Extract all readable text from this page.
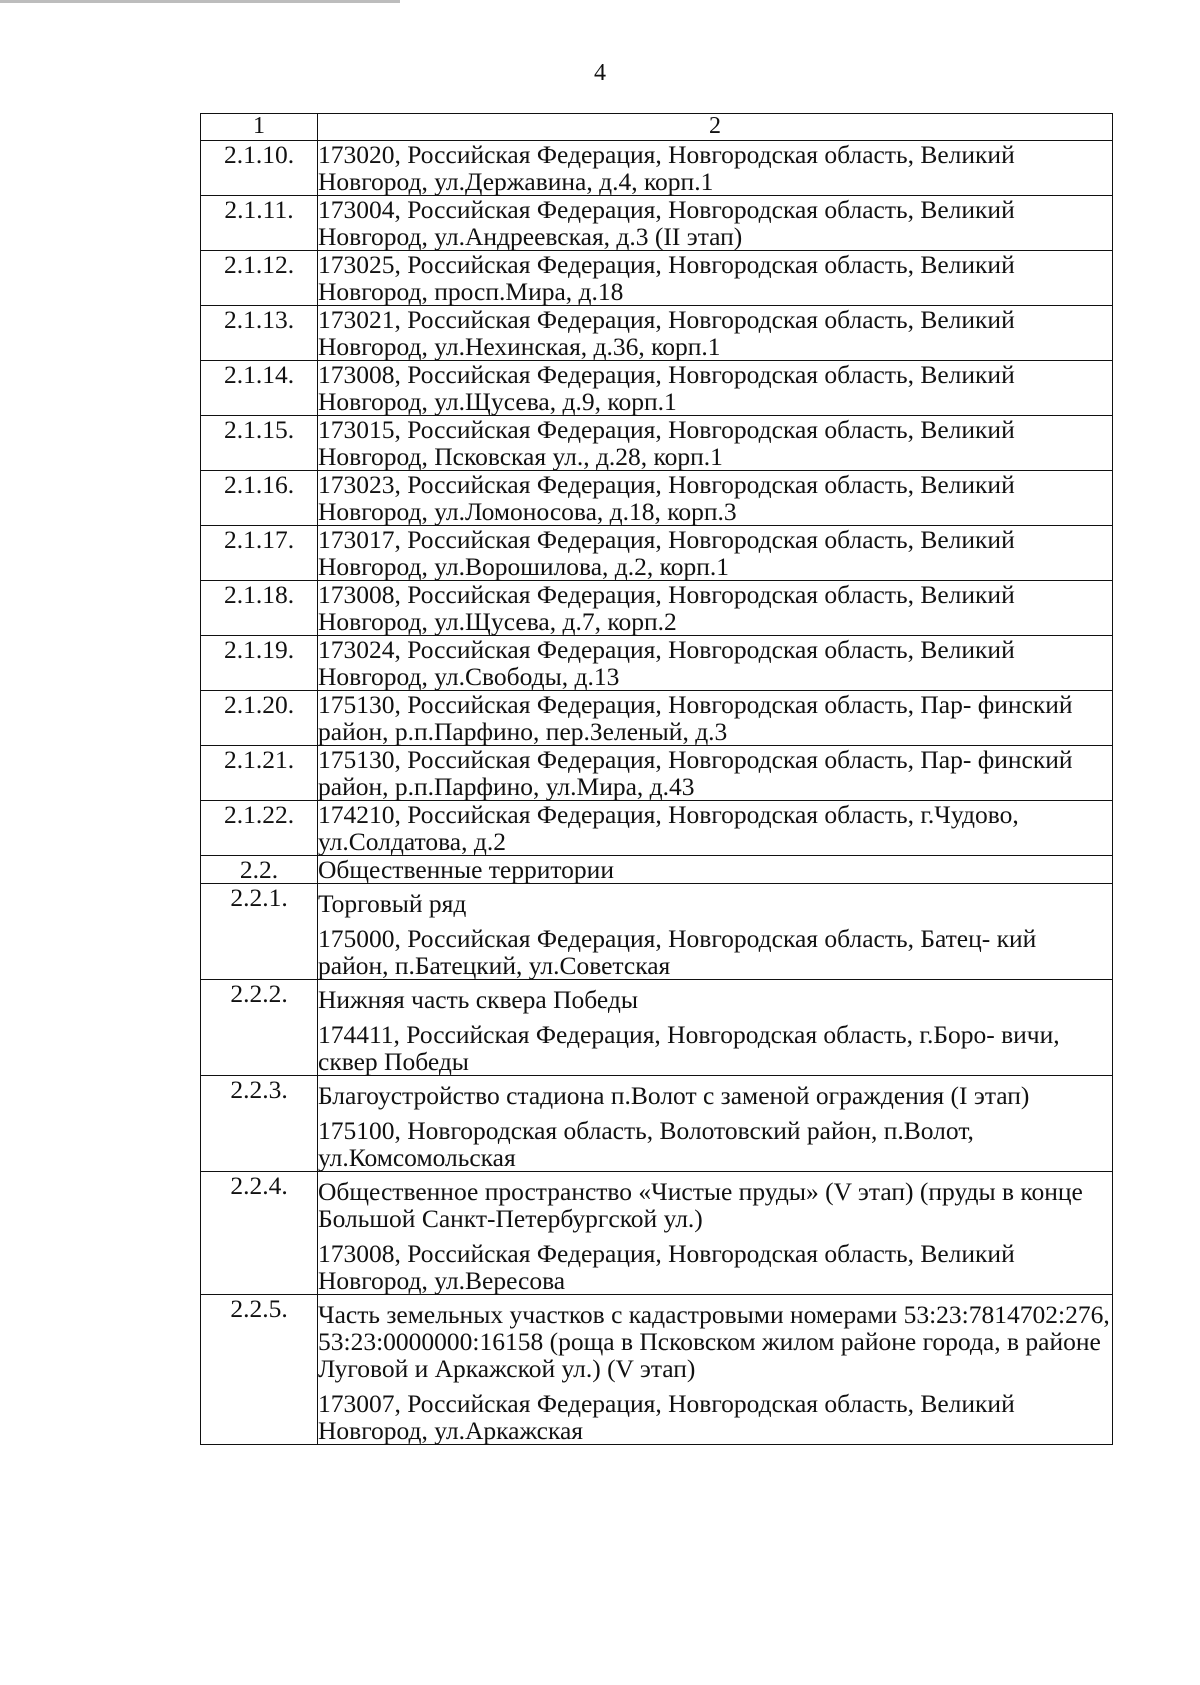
4
1	2
2.1.10.	173020, Российская Федерация, Новгородская область, Великий Новгород, ул.Державина, д.4, корп.1

2.1.11.	173004, Российская Федерация, Новгородская область, Великий Новгород, ул.Андреевская, д.3 (II этап)

2.1.12.	173025, Российская Федерация, Новгородская область, Великий Новгород, просп.Мира, д.18

2.1.13.	173021, Российская Федерация, Новгородская область, Великий Новгород, ул.Нехинская, д.36, корп.1

2.1.14.	173008, Российская Федерация, Новгородская область, Великий Новгород, ул.Щусева, д.9, корп.1

2.1.15.	173015, Российская Федерация, Новгородская область, Великий Новгород, Псковская ул., д.28, корп.1

2.1.16.	173023, Российская Федерация, Новгородская область, Великий Новгород, ул.Ломоносова, д.18, корп.3

2.1.17.	173017, Российская Федерация, Новгородская область, Великий Новгород, ул.Ворошилова, д.2, корп.1

2.1.18.	173008, Российская Федерация, Новгородская область, Великий Новгород, ул.Щусева, д.7, корп.2

2.1.19.	173024, Российская Федерация, Новгородская область, Великий Новгород, ул.Свободы, д.13

2.1.20.	175130, Российская Федерация, Новгородская область, Пар- финский район, р.п.Парфино, пер.Зеленый, д.3

2.1.21.	175130, Российская Федерация, Новгородская область, Пар- финский район, р.п.Парфино, ул.Мира, д.43

2.1.22.	174210, Российская Федерация, Новгородская область, г.Чудово, ул.Солдатова, д.2

2.2.	Общественные территории

2.2.1.	Торговый ряд
175000, Российская Федерация, Новгородская область, Батец- кий район, п.Батецкий, ул.Советская

2.2.2.	Нижняя часть сквера Победы
174411, Российская Федерация, Новгородская область, г.Боро- вичи, сквер Победы

2.2.3.	Благоустройство стадиона п.Волот с заменой ограждения (I этап)
175100, Новгородская область, Волотовский район, п.Волот, ул.Комсомольская

2.2.4.	Общественное пространство «Чистые пруды» (V этап) (пруды в конце Большой Санкт-Петербургской ул.)
173008, Российская Федерация, Новгородская область, Великий Новгород, ул.Вересова

2.2.5.	Часть земельных участков с кадастровыми номерами 53:23:7814702:276, 53:23:0000000:16158 (роща в Псковском жилом районе города, в районе Луговой и Аркажской ул.) (V этап)
173007, Российская Федерация, Новгородская область, Великий Новгород, ул.Аркажская
